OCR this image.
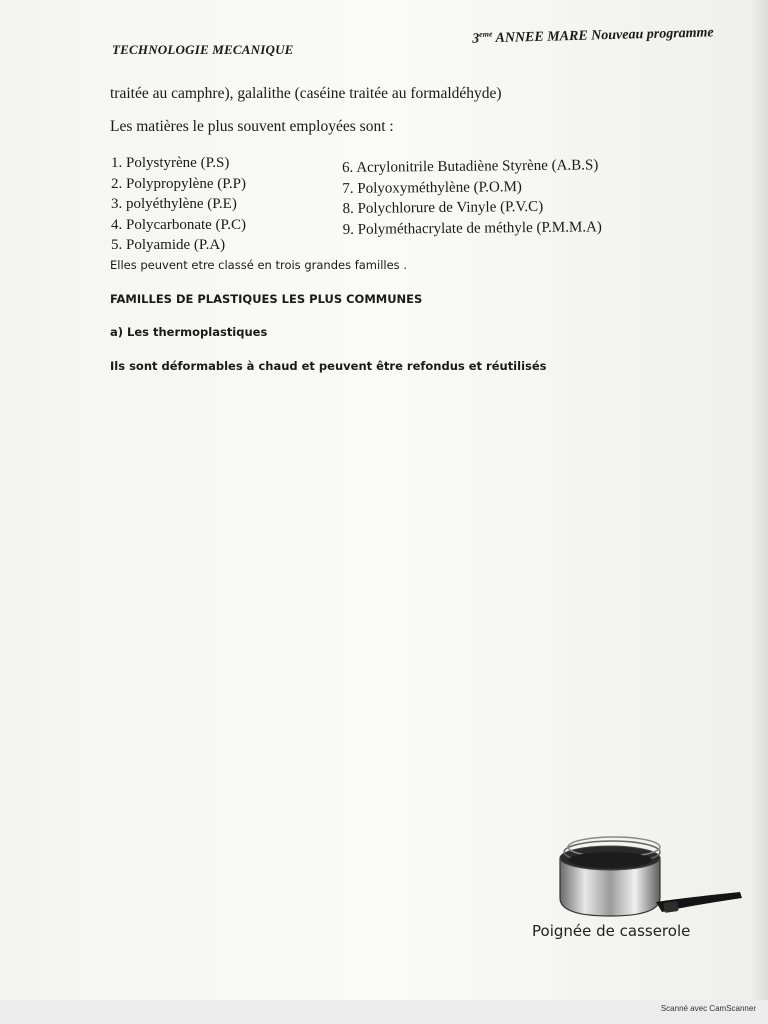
TECHNOLOGIE MECANIQUE
3eme ANNEE MARE Nouveau programme
traitée au camphre), galalithe (caséine traitée au formaldéhyde)
Les matières le plus souvent employées sont :
1. Polystyrène (P.S)
2. Polypropylène (P.P)
3. polyéthylène (P.E)
4. Polycarbonate (P.C)
5. Polyamide (P.A)
6. Acrylonitrile Butadiène Styrène (A.B.S)
7. Polyoxyméthylène (P.O.M)
8. Polychlorure de Vinyle (P.V.C)
9. Polyméthacrylate de méthyle (P.M.M.A)
Elles peuvent etre classé en trois grandes familles .
FAMILLES DE PLASTIQUES LES PLUS COMMUNES
a) Les thermoplastiques
Ils sont déformables à chaud et peuvent être refondus et réutilisés
Poignée de casserole
Scanné avec CamScanner
